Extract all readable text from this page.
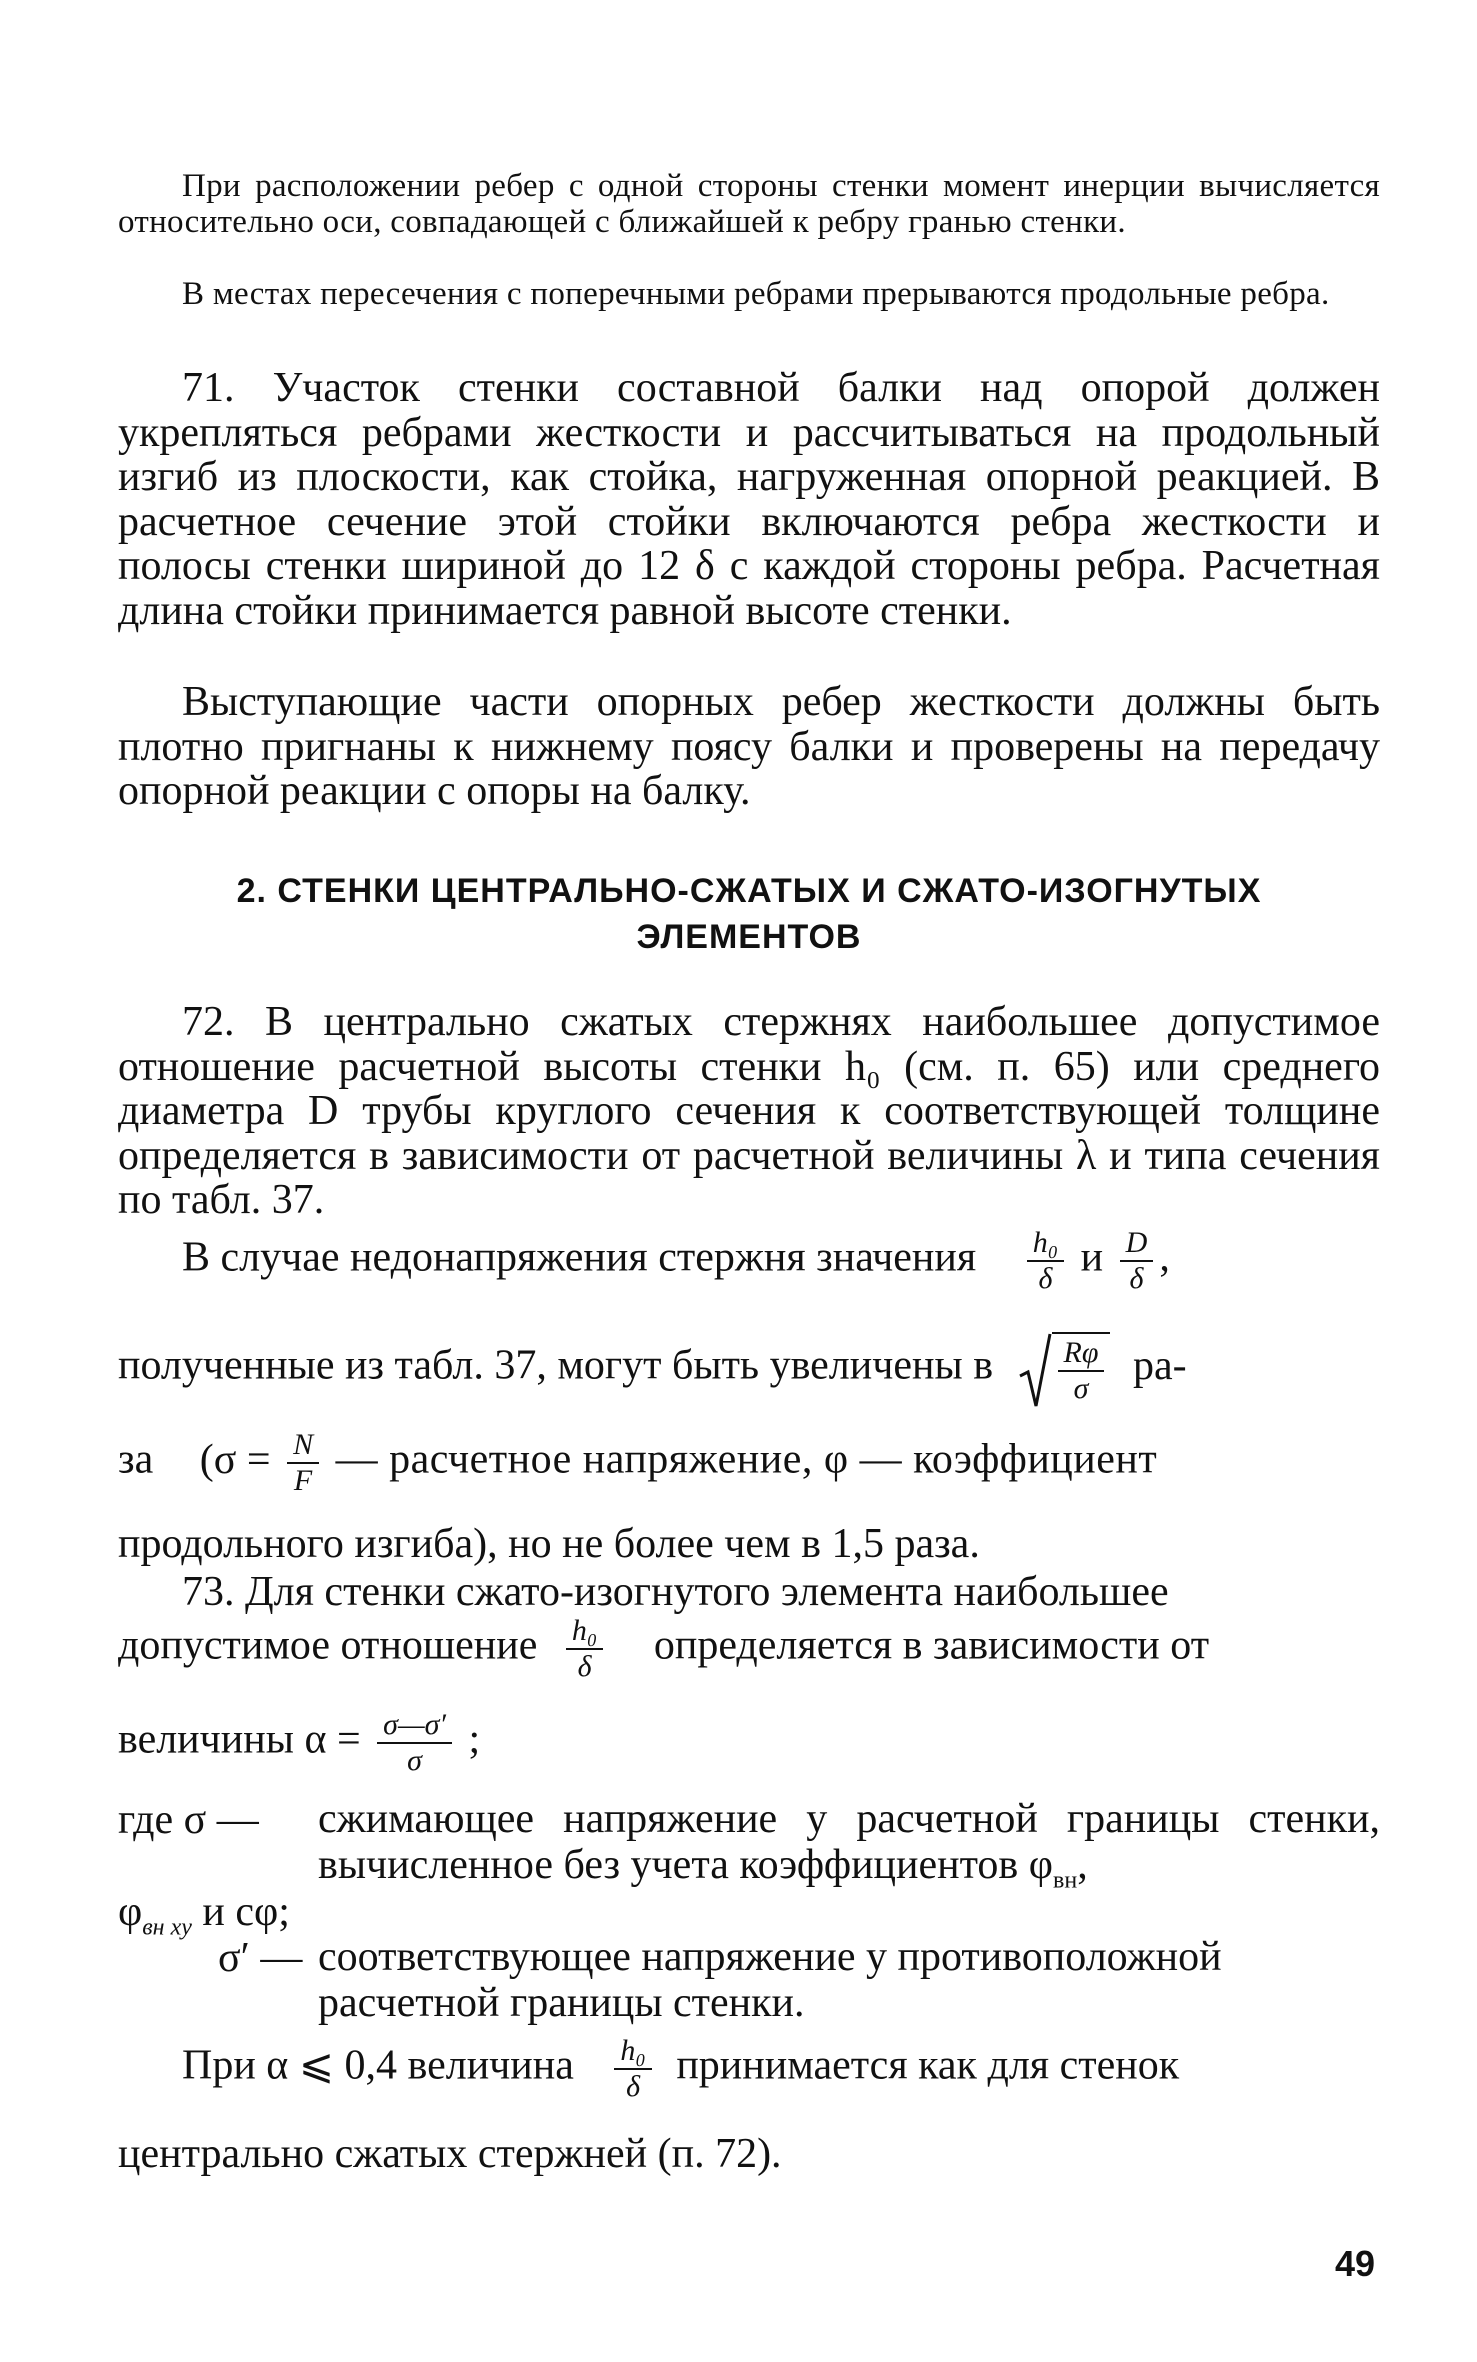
При расположении ребер с одной стороны стенки момент инерции вычисляется относительно оси, совпадающей с ближайшей к ребру гранью стенки.
В местах пересечения с поперечными ребрами прерываются продольные ребра.
71. Участок стенки составной балки над опорой должен укрепляться ребрами жесткости и рассчитываться на продольный изгиб из плоскости, как стойка, нагруженная опорной реакцией. В расчетное сечение этой стойки включаются ребра жесткости и полосы стенки шириной до 12 δ с каждой стороны ребра. Расчетная длина стойки принимается равной высоте стенки.
Выступающие части опорных ребер жесткости должны быть плотно пригнаны к нижнему поясу балки и проверены на передачу опорной реакции с опоры на балку.
2. СТЕНКИ ЦЕНТРАЛЬНО-СЖАТЫХ И СЖАТО-ИЗОГНУТЫХ
ЭЛЕМЕНТОВ
72. В центрально сжатых стержнях наибольшее допустимое отношение расчетной высоты стенки h₀ (см. п. 65) или среднего диаметра D трубы круглого сечения к соответствующей толщине определяется в зависимости от расчетной величины λ и типа сечения по табл. 37.
В случае недонапряжения стержня значения $\frac{\text{h₀}}{\delta}$ и $\frac{D}{\delta}$ ,
полученные из табл. 37, могут быть увеличены в $\frac{R\varphi}{\sigma} ра-$
за ($\sigma = \frac{N}{F}$ — расчетное напряжение, φ — коэффициент
продольного изгиба), но не более чем в 1,5 раза.
73. Для стенки сжато-изогнутого элемента наибольшее
допустимое отношение $\frac{\text{h₀}}{\delta}$ определяется в зависимости от
величины $\alpha = \frac{\sigma—\sigma'}{\sigma}$ ;
где σ —	сжимающее напряжение у расчетной границы стенки, вычисленное без учета коэффициентов $\varphi_{вн}$,
$\varphi_{вн xy}$ и cφ;
σ′ — соответствующее напряжение у противоположной расчетной границы стенки.
При α ⩽ 0,4 величина $\frac{\text{h₀}}{\delta}$ принимается как для стенок
центрально сжатых стержней (п. 72).
49
